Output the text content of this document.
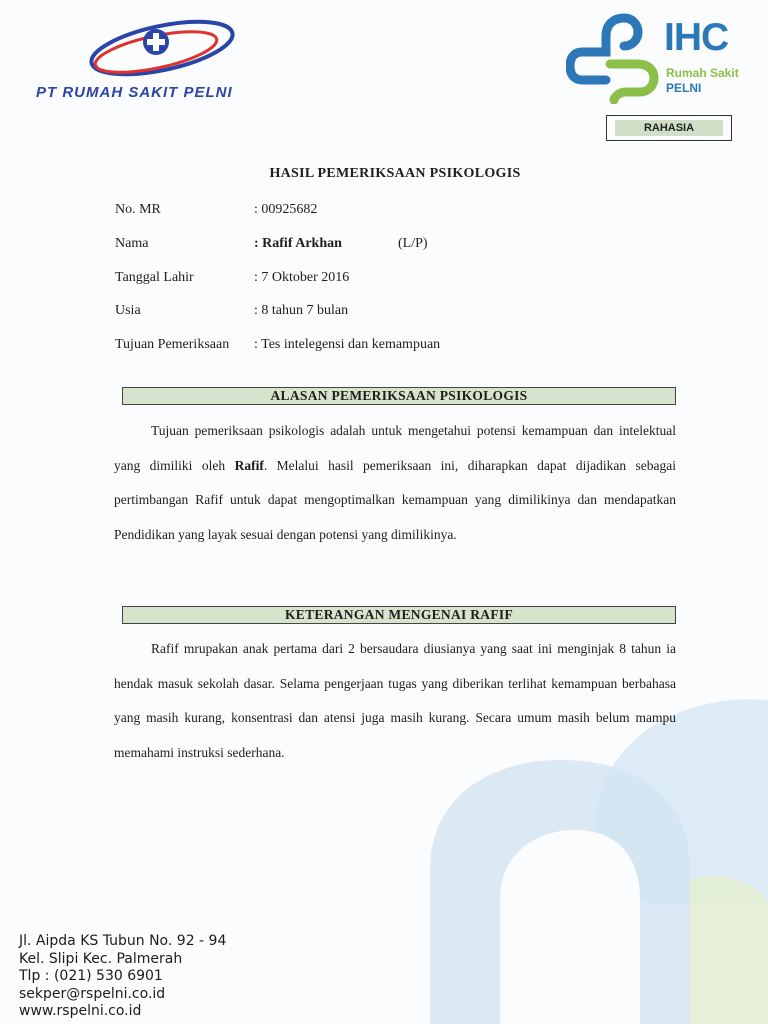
PT RUMAH SAKIT PELNI
IHC
Rumah Sakit
PELNI
RAHASIA
HASIL PEMERIKSAAN PSIKOLOGIS
No. MR	: 00925682
Nama	: Rafif Arkhan	(L/P)
Tanggal Lahir	: 7 Oktober 2016
Usia	: 8 tahun 7 bulan
Tujuan Pemeriksaan : Tes intelegensi dan kemampuan
ALASAN PEMERIKSAAN PSIKOLOGIS

Tujuan pemeriksaan psikologis adalah untuk mengetahui potensi kemampuan dan intelektual yang dimiliki oleh Rafif. Melalui hasil pemeriksaan ini, diharapkan dapat dijadikan sebagai pertimbangan Rafif untuk dapat mengoptimalkan kemampuan yang dimilikinya dan mendapatkan Pendidikan yang layak sesuai dengan potensi yang dimilikinya.

KETERANGAN MENGENAI RAFIF

Rafif mrupakan anak pertama dari 2 bersaudara diusianya yang saat ini menginjak 8 tahun ia hendak masuk sekolah dasar. Selama pengerjaan tugas yang diberikan terlihat kemampuan berbahasa yang masih kurang, konsentrasi dan atensi juga masih kurang. Secara umum masih belum mampu memahami instruksi sederhana.

Jl. Aipda KS Tubun No. 92 - 94
Kel. Slipi Kec. Palmerah
Tlp : (021) 530 6901
sekper@rspelni.co.id
www.rspelni.co.id
